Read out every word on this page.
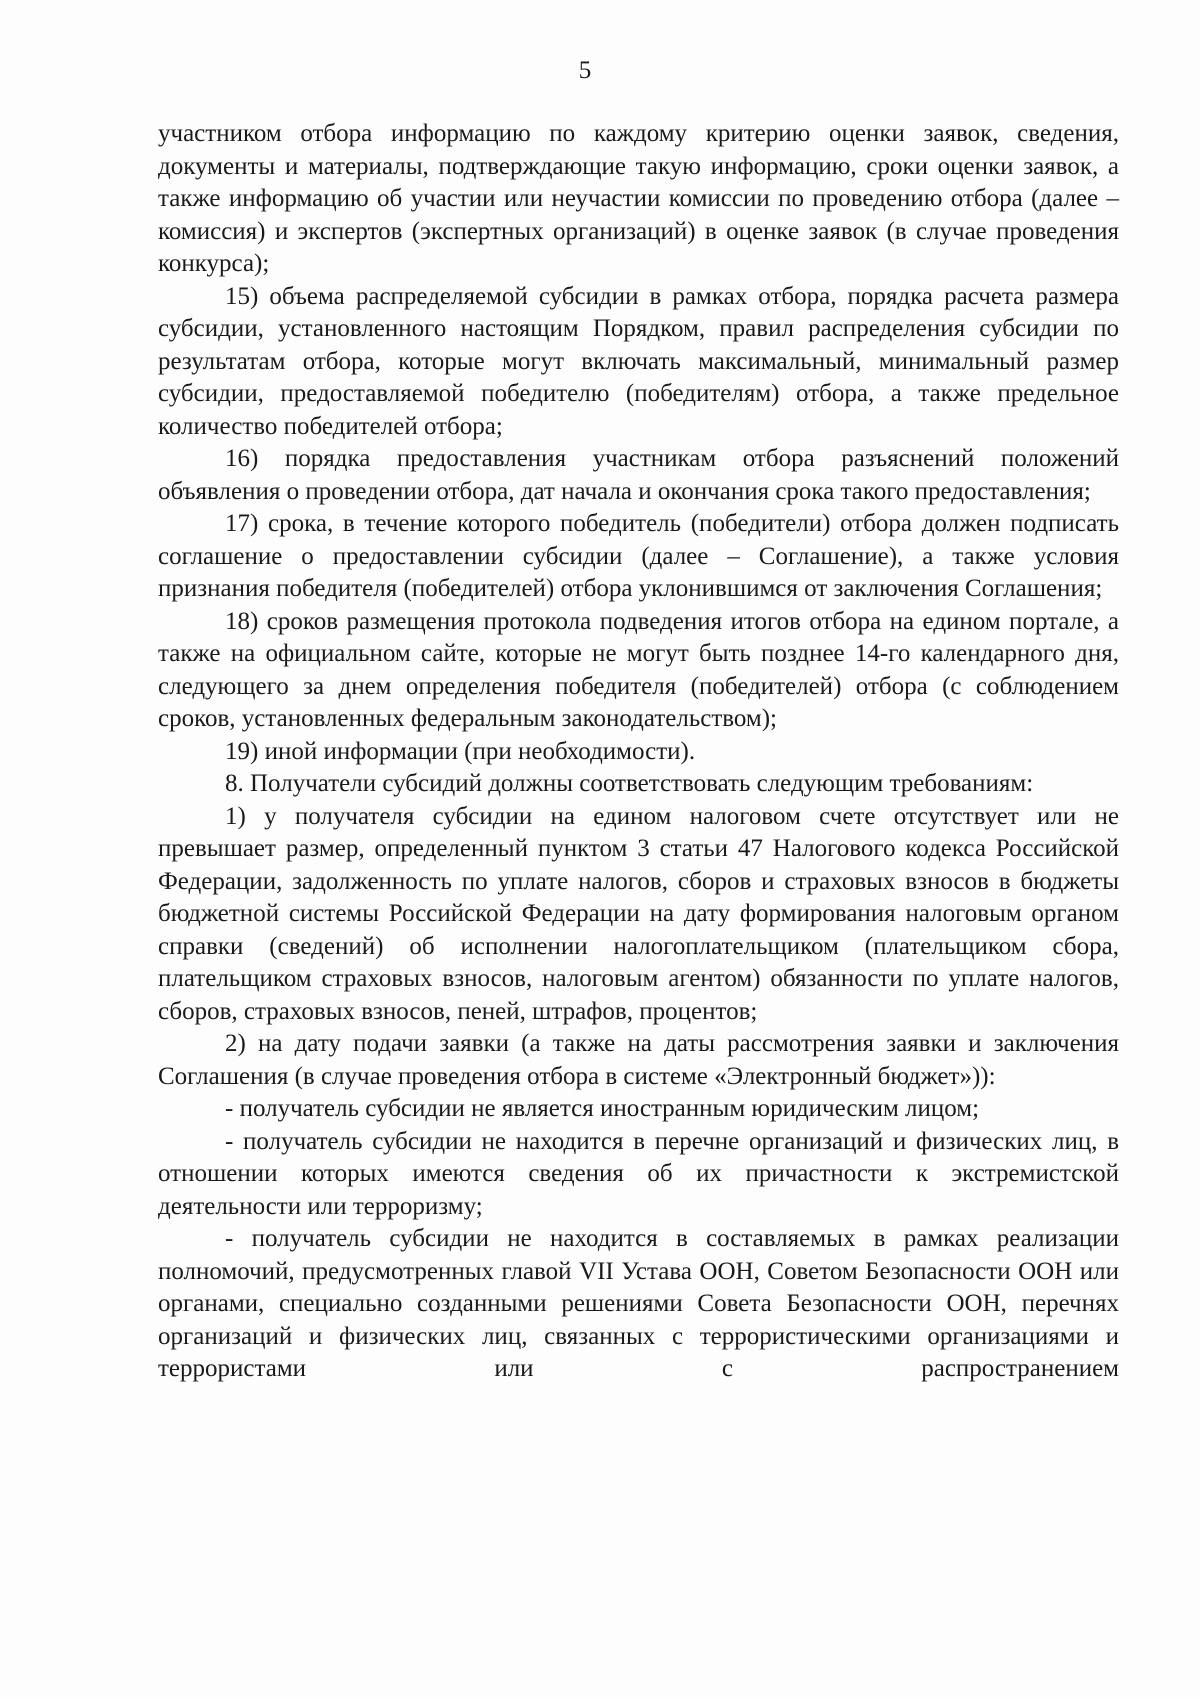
5

участником отбора информацию по каждому критерию оценки заявок, сведения, документы и материалы, подтверждающие такую информацию, сроки оценки заявок, а также информацию об участии или неучастии комиссии по проведению отбора (далее – комиссия) и экспертов (экспертных организаций) в оценке заявок (в случае проведения конкурса);

15) объема распределяемой субсидии в рамках отбора, порядка расчета размера субсидии, установленного настоящим Порядком, правил распределения субсидии по результатам отбора, которые могут включать максимальный, минимальный размер субсидии, предоставляемой победителю (победителям) отбора, а также предельное количество победителей отбора;

16) порядка предоставления участникам отбора разъяснений положений объявления о проведении отбора, дат начала и окончания срока такого предоставления;

17) срока, в течение которого победитель (победители) отбора должен подписать соглашение о предоставлении субсидии (далее – Соглашение), а также условия признания победителя (победителей) отбора уклонившимся от заключения Соглашения;

18) сроков размещения протокола подведения итогов отбора на едином портале, а также на официальном сайте, которые не могут быть позднее 14-го календарного дня, следующего за днем определения победителя (победителей) отбора (с соблюдением сроков, установленных федеральным законодательством);

19) иной информации (при необходимости).

8. Получатели субсидий должны соответствовать следующим требованиям:

1) у получателя субсидии на едином налоговом счете отсутствует или не превышает размер, определенный пунктом 3 статьи 47 Налогового кодекса Российской Федерации, задолженность по уплате налогов, сборов и страховых взносов в бюджеты бюджетной системы Российской Федерации на дату формирования налоговым органом справки (сведений) об исполнении налогоплательщиком (плательщиком сбора, плательщиком страховых взносов, налоговым агентом) обязанности по уплате налогов, сборов, страховых взносов, пеней, штрафов, процентов;

2) на дату подачи заявки (а также на даты рассмотрения заявки и заключения Соглашения (в случае проведения отбора в системе «Электронный бюджет»)):

- получатель субсидии не является иностранным юридическим лицом;

- получатель субсидии не находится в перечне организаций и физических лиц, в отношении которых имеются сведения об их причастности к экстремистской деятельности или терроризму;

- получатель субсидии не находится в составляемых в рамках реализации полномочий, предусмотренных главой VII Устава ООН, Советом Безопасности ООН или органами, специально созданными решениями Совета Безопасности ООН, перечнях организаций и физических лиц, связанных с террористическими организациями и террористами или с распространением
